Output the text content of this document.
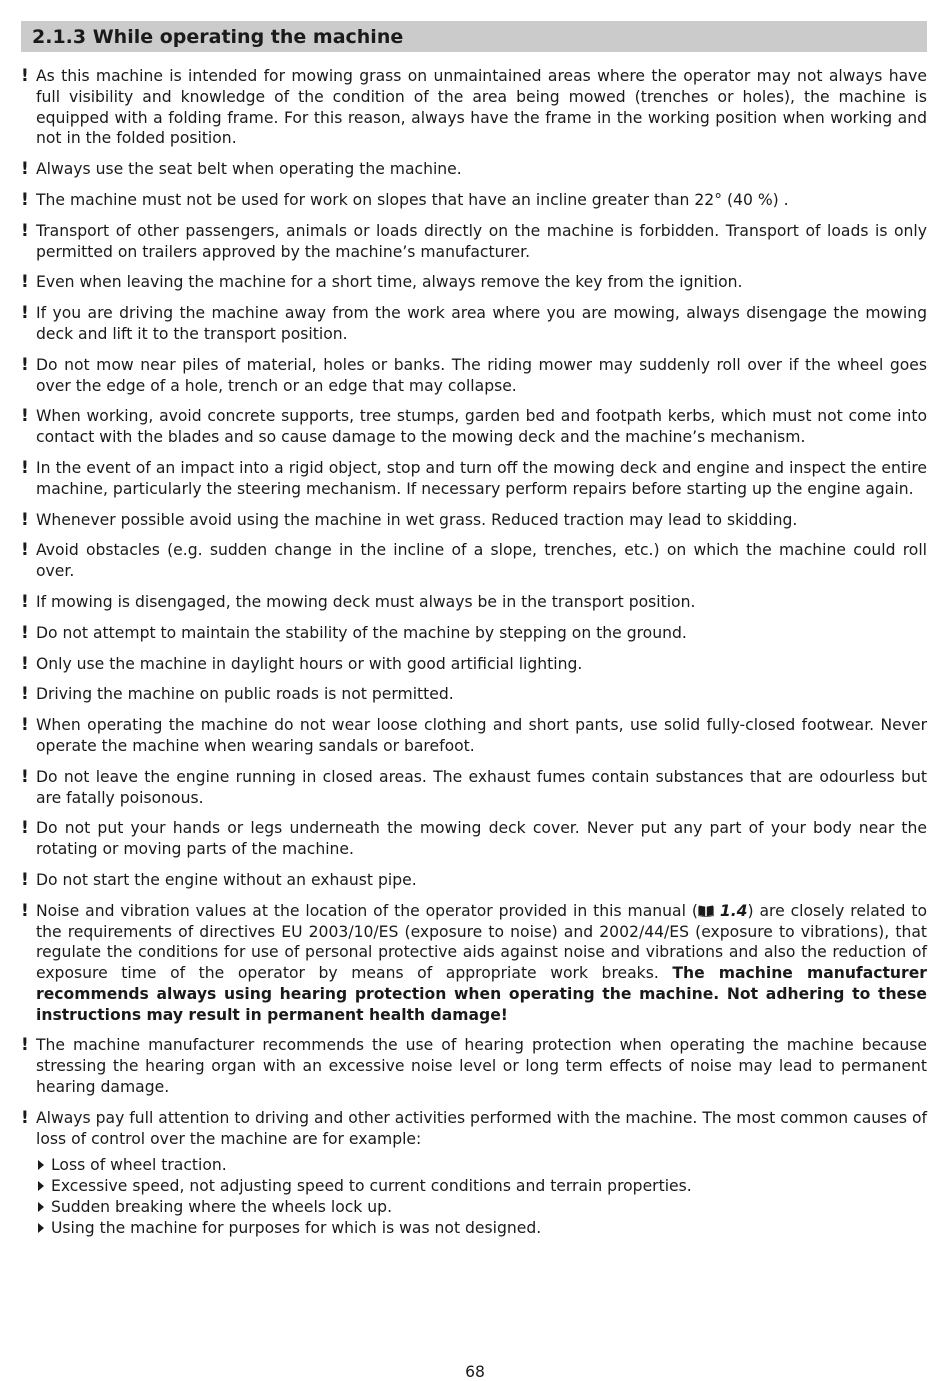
2.1.3 While operating the machine
! As this machine is intended for mowing grass on unmaintained areas where the operator may not always have full visibility and knowledge of the condition of the area being mowed (trenches or holes), the machine is equipped with a folding frame. For this reason, always have the frame in the working position when working and not in the folded position.
! Always use the seat belt when operating the machine.
! The machine must not be used for work on slopes that have an incline greater than 22° (40 %) .
! Transport of other passengers, animals or loads directly on the machine is forbidden. Transport of loads is only permitted on trailers approved by the machine’s manufacturer.
! Even when leaving the machine for a short time, always remove the key from the ignition.
! If you are driving the machine away from the work area where you are mowing, always disengage the mowing deck and lift it to the transport position.
! Do not mow near piles of material, holes or banks. The riding mower may suddenly roll over if the wheel goes over the edge of a hole, trench or an edge that may collapse.
! When working, avoid concrete supports, tree stumps, garden bed and footpath kerbs, which must not come into contact with the blades and so cause damage to the mowing deck and the machine’s mechanism.
! In the event of an impact into a rigid object, stop and turn off the mowing deck and engine and inspect the entire machine, particularly the steering mechanism. If necessary perform repairs before starting up the engine again.
! Whenever possible avoid using the machine in wet grass. Reduced traction may lead to skidding.
! Avoid obstacles (e.g. sudden change in the incline of a slope, trenches, etc.) on which the machine could roll over.
! If mowing is disengaged, the mowing deck must always be in the transport position.
! Do not attempt to maintain the stability of the machine by stepping on the ground.
! Only use the machine in daylight hours or with good artificial lighting.
! Driving the machine on public roads is not permitted.
! When operating the machine do not wear loose clothing and short pants, use solid fully-closed footwear. Never operate the machine when wearing sandals or barefoot.
! Do not leave the engine running in closed areas. The exhaust fumes contain substances that are odourless but are fatally poisonous.
! Do not put your hands or legs underneath the mowing deck cover. Never put any part of your body near the rotating or moving parts of the machine.
! Do not start the engine without an exhaust pipe.
! Noise and vibration values at the location of the operator provided in this manual ( 1.4) are closely related to the requirements of directives EU 2003/10/ES (exposure to noise) and 2002/44/ES (exposure to vibrations), that regulate the conditions for use of personal protective aids against noise and vibrations and also the reduction of exposure time of the operator by means of appropriate work breaks. The machine manufacturer recommends always using hearing protection when operating the machine. Not adhering to these instructions may result in permanent health damage!
! The machine manufacturer recommends the use of hearing protection when operating the machine because stressing the hearing organ with an excessive noise level or long term effects of noise may lead to permanent hearing damage.
! Always pay full attention to driving and other activities performed with the machine. The most common causes of loss of control over the machine are for example:
Loss of wheel traction.
Excessive speed, not adjusting speed to current conditions and terrain properties.
Sudden breaking where the wheels lock up.
Using the machine for purposes for which is was not designed.
68
